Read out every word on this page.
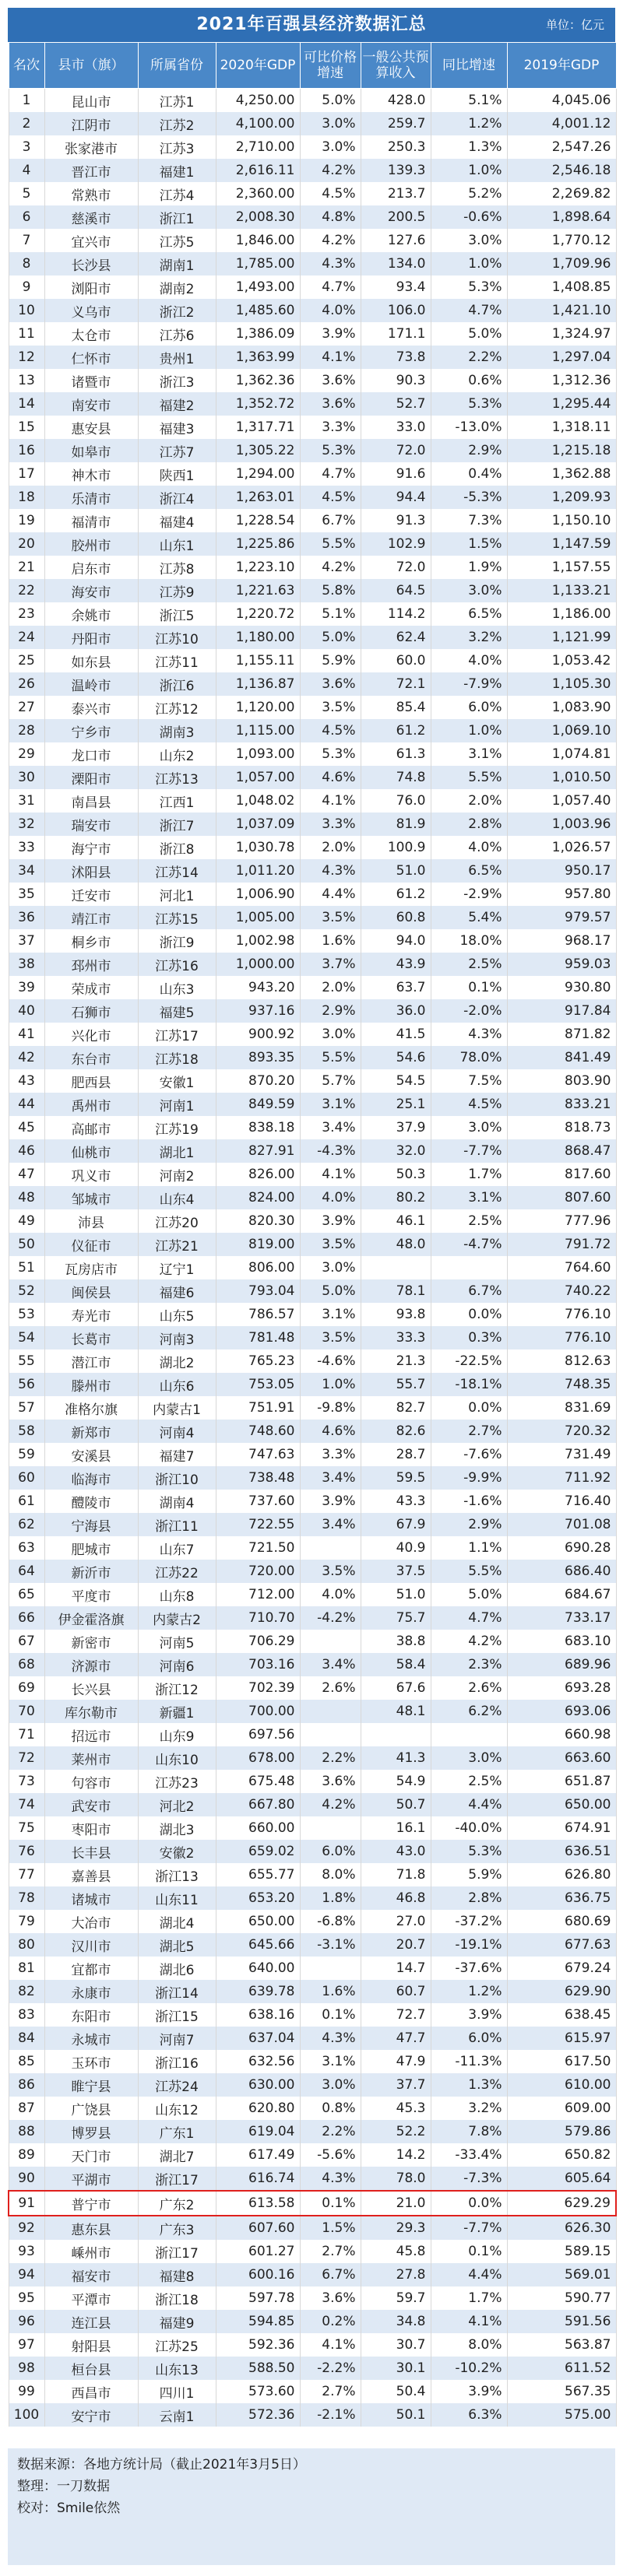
2021年百强县经济数据汇总	单位：亿元
名次	县市（旗）	所属省份	2020年GDP	可比价格增速	一般公共预算收入	同比增速	2019年GDP
1	昆山市	江苏1	4,250.00	5.0%	428.0	5.1%	4,045.06
2	江阴市	江苏2	4,100.00	3.0%	259.7	1.2%	4,001.12
3	张家港市	江苏3	2,710.00	3.0%	250.3	1.3%	2,547.26
4	晋江市	福建1	2,616.11	4.2%	139.3	1.0%	2,546.18
5	常熟市	江苏4	2,360.00	4.5%	213.7	5.2%	2,269.82
6	慈溪市	浙江1	2,008.30	4.8%	200.5	-0.6%	1,898.64
7	宜兴市	江苏5	1,846.00	4.2%	127.6	3.0%	1,770.12
8	长沙县	湖南1	1,785.00	4.3%	134.0	1.0%	1,709.96
9	浏阳市	湖南2	1,493.00	4.7%	93.4	5.3%	1,408.85
10	义乌市	浙江2	1,485.60	4.0%	106.0	4.7%	1,421.10
11	太仓市	江苏6	1,386.09	3.9%	171.1	5.0%	1,324.97
12	仁怀市	贵州1	1,363.99	4.1%	73.8	2.2%	1,297.04
13	诸暨市	浙江3	1,362.36	3.6%	90.3	0.6%	1,312.36
14	南安市	福建2	1,352.72	3.6%	52.7	5.3%	1,295.44
15	惠安县	福建3	1,317.71	3.3%	33.0	-13.0%	1,318.11
16	如皋市	江苏7	1,305.22	5.3%	72.0	2.9%	1,215.18
17	神木市	陕西1	1,294.00	4.7%	91.6	0.4%	1,362.88
18	乐清市	浙江4	1,263.01	4.5%	94.4	-5.3%	1,209.93
19	福清市	福建4	1,228.54	6.7%	91.3	7.3%	1,150.10
20	胶州市	山东1	1,225.86	5.5%	102.9	1.5%	1,147.59
21	启东市	江苏8	1,223.10	4.2%	72.0	1.9%	1,157.55
22	海安市	江苏9	1,221.63	5.8%	64.5	3.0%	1,133.21
23	余姚市	浙江5	1,220.72	5.1%	114.2	6.5%	1,186.00
24	丹阳市	江苏10	1,180.00	5.0%	62.4	3.2%	1,121.99
25	如东县	江苏11	1,155.11	5.9%	60.0	4.0%	1,053.42
26	温岭市	浙江6	1,136.87	3.6%	72.1	-7.9%	1,105.30
27	泰兴市	江苏12	1,120.00	3.5%	85.4	6.0%	1,083.90
28	宁乡市	湖南3	1,115.00	4.5%	61.2	1.0%	1,069.10
29	龙口市	山东2	1,093.00	5.3%	61.3	3.1%	1,074.81
30	溧阳市	江苏13	1,057.00	4.6%	74.8	5.5%	1,010.50
31	南昌县	江西1	1,048.02	4.1%	76.0	2.0%	1,057.40
32	瑞安市	浙江7	1,037.09	3.3%	81.9	2.8%	1,003.96
33	海宁市	浙江8	1,030.78	2.0%	100.9	4.0%	1,026.57
34	沭阳县	江苏14	1,011.20	4.3%	51.0	6.5%	950.17
35	迁安市	河北1	1,006.90	4.4%	61.2	-2.9%	957.80
36	靖江市	江苏15	1,005.00	3.5%	60.8	5.4%	979.57
37	桐乡市	浙江9	1,002.98	1.6%	94.0	18.0%	968.17
38	邳州市	江苏16	1,000.00	3.7%	43.9	2.5%	959.03
39	荣成市	山东3	943.20	2.0%	63.7	0.1%	930.80
40	石狮市	福建5	937.16	2.9%	36.0	-2.0%	917.84
41	兴化市	江苏17	900.92	3.0%	41.5	4.3%	871.82
42	东台市	江苏18	893.35	5.5%	54.6	78.0%	841.49
43	肥西县	安徽1	870.20	5.7%	54.5	7.5%	803.90
44	禹州市	河南1	849.59	3.1%	25.1	4.5%	833.21
45	高邮市	江苏19	838.18	3.4%	37.9	3.0%	818.73
46	仙桃市	湖北1	827.91	-4.3%	32.0	-7.7%	868.47
47	巩义市	河南2	826.00	4.1%	50.3	1.7%	817.60
48	邹城市	山东4	824.00	4.0%	80.2	3.1%	807.60
49	沛县	江苏20	820.30	3.9%	46.1	2.5%	777.96
50	仪征市	江苏21	819.00	3.5%	48.0	-4.7%	791.72
51	瓦房店市	辽宁1	806.00	3.0%			764.60
52	闽侯县	福建6	793.04	5.0%	78.1	6.7%	740.22
53	寿光市	山东5	786.57	3.1%	93.8	0.0%	776.10
54	长葛市	河南3	781.48	3.5%	33.3	0.3%	776.10
55	潜江市	湖北2	765.23	-4.6%	21.3	-22.5%	812.63
56	滕州市	山东6	753.05	1.0%	55.7	-18.1%	748.35
57	准格尔旗	内蒙古1	751.91	-9.8%	82.7	0.0%	831.69
58	新郑市	河南4	748.60	4.6%	82.6	2.7%	720.32
59	安溪县	福建7	747.63	3.3%	28.7	-7.6%	731.49
60	临海市	浙江10	738.48	3.4%	59.5	-9.9%	711.92
61	醴陵市	湖南4	737.60	3.9%	43.3	-1.6%	716.40
62	宁海县	浙江11	722.55	3.4%	67.9	2.9%	701.08
63	肥城市	山东7	721.50		40.9	1.1%	690.28
64	新沂市	江苏22	720.00	3.5%	37.5	5.5%	686.40
65	平度市	山东8	712.00	4.0%	51.0	5.0%	684.67
66	伊金霍洛旗	内蒙古2	710.70	-4.2%	75.7	4.7%	733.17
67	新密市	河南5	706.29		38.8	4.2%	683.10
68	济源市	河南6	703.16	3.4%	58.4	2.3%	689.96
69	长兴县	浙江12	702.39	2.6%	67.6	2.6%	693.28
70	库尔勒市	新疆1	700.00		48.1	6.2%	693.06
71	招远市	山东9	697.56				660.98
72	莱州市	山东10	678.00	2.2%	41.3	3.0%	663.60
73	句容市	江苏23	675.48	3.6%	54.9	2.5%	651.87
74	武安市	河北2	667.80	4.2%	50.7	4.4%	650.00
75	枣阳市	湖北3	660.00		16.1	-40.0%	674.91
76	长丰县	安徽2	659.02	6.0%	43.0	5.3%	636.51
77	嘉善县	浙江13	655.77	8.0%	71.8	5.9%	626.80
78	诸城市	山东11	653.20	1.8%	46.8	2.8%	636.75
79	大冶市	湖北4	650.00	-6.8%	27.0	-37.2%	680.69
80	汉川市	湖北5	645.66	-3.1%	20.7	-19.1%	677.63
81	宜都市	湖北6	640.00		14.7	-37.6%	679.24
82	永康市	浙江14	639.78	1.6%	60.7	1.2%	629.90
83	东阳市	浙江15	638.16	0.1%	72.7	3.9%	638.45
84	永城市	河南7	637.04	4.3%	47.7	6.0%	615.97
85	玉环市	浙江16	632.56	3.1%	47.9	-11.3%	617.50
86	睢宁县	江苏24	630.00	3.0%	37.7	1.3%	610.00
87	广饶县	山东12	620.80	0.8%	45.3	3.2%	609.00
88	博罗县	广东1	619.04	2.2%	52.2	7.8%	579.86
89	天门市	湖北7	617.49	-5.6%	14.2	-33.4%	650.82
90	平湖市	浙江17	616.74	4.3%	78.0	-7.3%	605.64
91	普宁市	广东2	613.58	0.1%	21.0	0.0%	629.29
92	惠东县	广东3	607.60	1.5%	29.3	-7.7%	626.30
93	嵊州市	浙江17	601.27	2.7%	45.8	0.1%	589.15
94	福安市	福建8	600.16	6.7%	27.8	4.4%	569.01
95	平潭市	浙江18	597.78	3.6%	59.7	1.7%	590.77
96	连江县	福建9	594.85	0.2%	34.8	4.1%	591.56
97	射阳县	江苏25	592.36	4.1%	30.7	8.0%	563.87
98	桓台县	山东13	588.50	-2.2%	30.1	-10.2%	611.52
99	西昌市	四川1	573.60	2.7%	50.4	3.9%	567.35
100	安宁市	云南1	572.36	-2.1%	50.1	6.3%	575.00
数据来源：各地方统计局（截止2021年3月5日）
整理：一刀数据
校对：Smile依然
